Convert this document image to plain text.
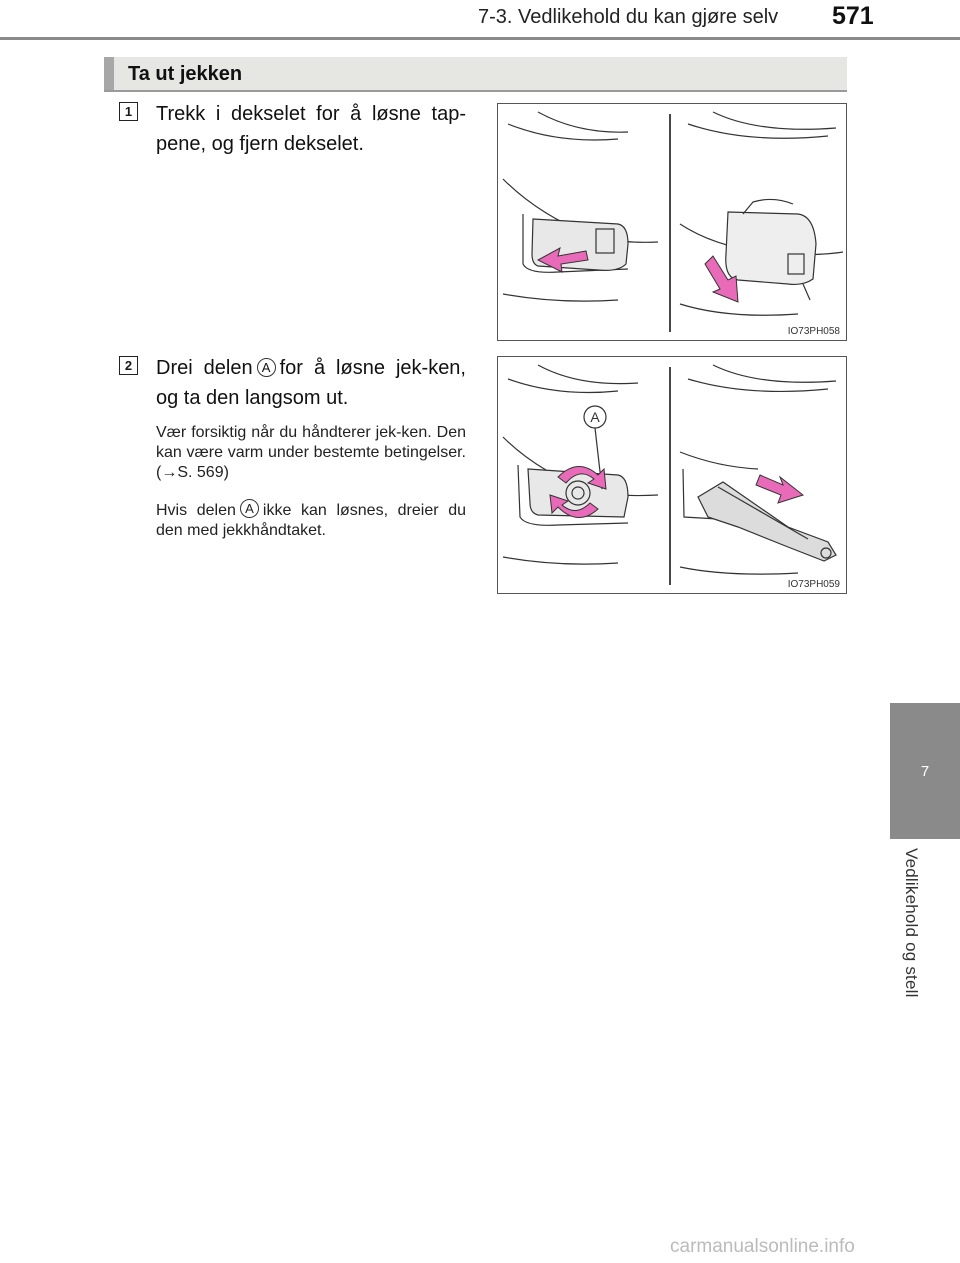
7-3. Vedlikehold du kan gjøre selv 571
7
Vedlikehold og stell
Ta ut jekken
1 Trekk i dekselet for å løsne tap-pene, og fjern dekselet.
IO73PH058
2 Drei delen A for å løsne jek-ken, og ta den langsom ut.
Vær forsiktig når du håndterer jek-ken. Den kan være varm under bestemte betingelser. (→S. 569)
Hvis delen A ikke kan løsnes, dreier du den med jekkhåndtaket.
A
IO73PH059
carmanualsonline.info
